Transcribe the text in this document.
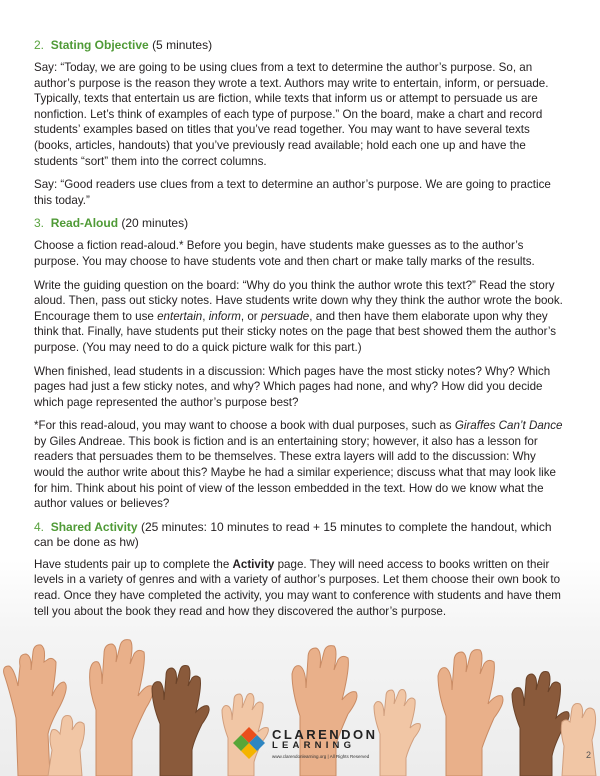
CLARENDON
LEARNING
www.clarendonlearning.org | All Rights Reserved	2
2. Stating Objective (5 minutes)

Say: “Today, we are going to be using clues from a text to determine the author’s purpose. So, an author’s purpose is the reason they wrote a text. Authors may write to entertain, inform, or persuade. Typically, texts that entertain us are fiction, while texts that inform us or attempt to persuade us are nonfiction. Let’s think of examples of each type of purpose.” On the board, make a chart and record students’ examples based on titles that you’ve read together. You may want to have several texts (books, articles, handouts) that you’ve previously read available; hold each one up and have the students “sort” them into the correct columns.

Say: “Good readers use clues from a text to determine an author’s purpose. We are going to practice this today.”

3. Read-Aloud (20 minutes)

Choose a fiction read-aloud.* Before you begin, have students make guesses as to the author’s purpose. You may choose to have students vote and then chart or make tally marks of the results.

Write the guiding question on the board: “Why do you think the author wrote this text?” Read the story aloud. Then, pass out sticky notes. Have students write down why they think the author wrote the book. Encourage them to use entertain, inform, or persuade, and then have them elaborate upon why they think that. Finally, have students put their sticky notes on the page that best showed them the author’s purpose. (You may need to do a quick picture walk for this part.)

When finished, lead students in a discussion: Which pages have the most sticky notes? Why? Which pages had just a few sticky notes, and why? Which pages had none, and why? How did you decide which page represented the author’s purpose best?

*For this read-aloud, you may want to choose a book with dual purposes, such as Giraffes Can’t Dance by Giles Andreae. This book is fiction and is an entertaining story; however, it also has a lesson for readers that persuades them to be themselves. These extra layers will add to the discussion: Why would the author write about this? Maybe he had a similar experience; discuss what that may look like for him. Think about his point of view of the lesson embedded in the text. How do we know what the author values or believes?

4. Shared Activity (25 minutes: 10 minutes to read + 15 minutes to complete the handout, which can be done as hw)

Have students pair up to complete the Activity page. They will need access to books written on their levels in a variety of genres and with a variety of author’s purposes. Let them choose their own book to read. Once they have completed the activity, you may want to conference with students and have them tell you about the book they read and how they discovered the author’s purpose.
